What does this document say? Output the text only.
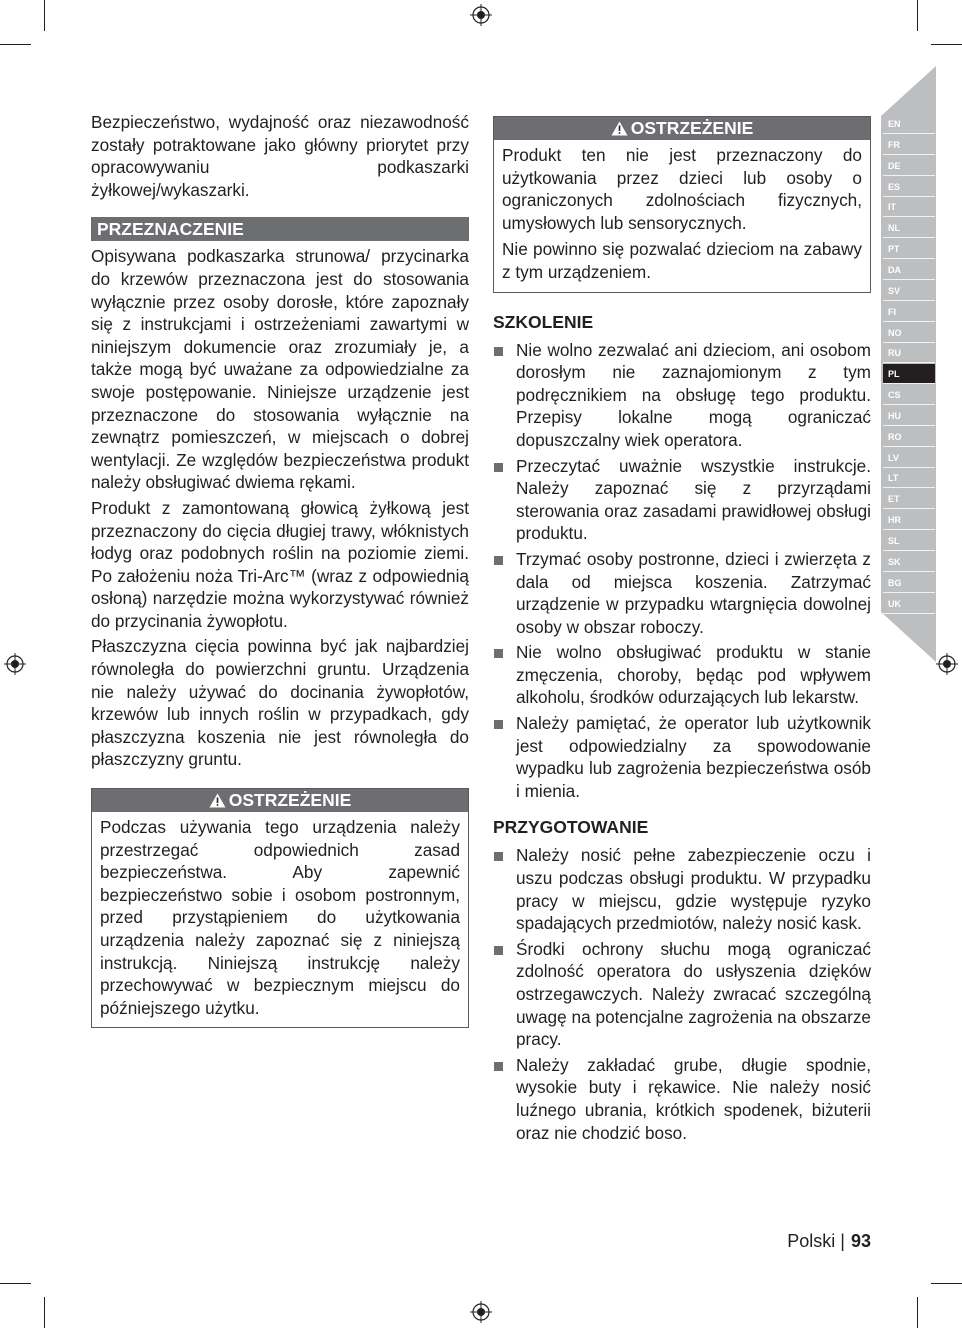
EN
FR
DE
ES
IT
NL
PT
DA
SV
FI
NO
RU
PL
CS
HU
RO
LV
LT
ET
HR
SL
SK
BG
UK

Bezpieczeństwo, wydajność oraz niezawodność zostały potraktowane jako główny priorytet przy opracowywaniu podkaszarki żyłkowej/wykaszarki.

PRZEZNACZENIE

Opisywana podkaszarka strunowa/ przycinarka do krzewów przeznaczona jest do stosowania wyłącznie przez osoby dorosłe, które zapoznały się z instrukcjami i ostrzeżeniami zawartymi w niniejszym dokumencie oraz zrozumiały je, a także mogą być uważane za odpowiedzialne za swoje postępowanie. Niniejsze urządzenie jest przeznaczone do stosowania wyłącznie na zewnątrz pomieszczeń, w miejscach o dobrej wentylacji. Ze względów bezpieczeństwa produkt należy obsługiwać dwiema rękami.

Produkt z zamontowaną głowicą żyłkową jest przeznaczony do cięcia długiej trawy, włóknistych łodyg oraz podobnych roślin na poziomie ziemi. Po założeniu noża Tri-Arc™ (wraz z odpowiednią osłoną) narzędzie można wykorzystywać również do przycinania żywopłotu.

Płaszczyzna cięcia powinna być jak najbardziej równoległa do powierzchni gruntu. Urządzenia nie należy używać do docinania żywopłotów, krzewów lub innych roślin w przypadkach, gdy płaszczyzna koszenia nie jest równoległa do płaszczyzny gruntu.

OSTRZEŻENIE

Podczas używania tego urządzenia należy przestrzegać odpowiednich zasad bezpieczeństwa. Aby zapewnić bezpieczeństwo sobie i osobom postronnym, przed przystąpieniem do użytkowania urządzenia należy zapoznać się z niniejszą instrukcją. Niniejszą instrukcję należy przechowywać w bezpiecznym miejscu do późniejszego użytku.

OSTRZEŻENIE

Produkt ten nie jest przeznaczony do użytkowania przez dzieci lub osoby o ograniczonych zdolnościach fizycznych, umysłowych lub sensorycznych.

Nie powinno się pozwalać dzieciom na zabawy z tym urządzeniem.

SZKOLENIE
Nie wolno zezwalać ani dzieciom, ani osobom dorosłym nie zaznajomionym z tym podręcznikiem na obsługę tego produktu. Przepisy lokalne mogą ograniczać dopuszczalny wiek operatora.
Przeczytać uważnie wszystkie instrukcje. Należy zapoznać się z przyrządami sterowania oraz zasadami prawidłowej obsługi produktu.
Trzymać osoby postronne, dzieci i zwierzęta z dala od miejsca koszenia. Zatrzymać urządzenie w przypadku wtargnięcia dowolnej osoby w obszar roboczy.
Nie wolno obsługiwać produktu w stanie zmęczenia, choroby, będąc pod wpływem alkoholu, środków odurzających lub lekarstw.
Należy pamiętać, że operator lub użytkownik jest odpowiedzialny za spowodowanie wypadku lub zagrożenia bezpieczeństwa osób i mienia.
PRZYGOTOWANIE
Należy nosić pełne zabezpieczenie oczu i uszu podczas obsługi produktu. W przypadku pracy w miejscu, gdzie występuje ryzyko spadających przedmiotów, należy nosić kask.
Środki ochrony słuchu mogą ograniczać zdolność operatora do usłyszenia dzięków ostrzegawczych. Należy zwracać szczególną uwagę na potencjalne zagrożenia na obszarze pracy.
Należy zakładać grube, długie spodnie, wysokie buty i rękawice. Nie należy nosić luźnego ubrania, krótkich spodenek, biżuterii oraz nie chodzić boso.
Polski | 93
